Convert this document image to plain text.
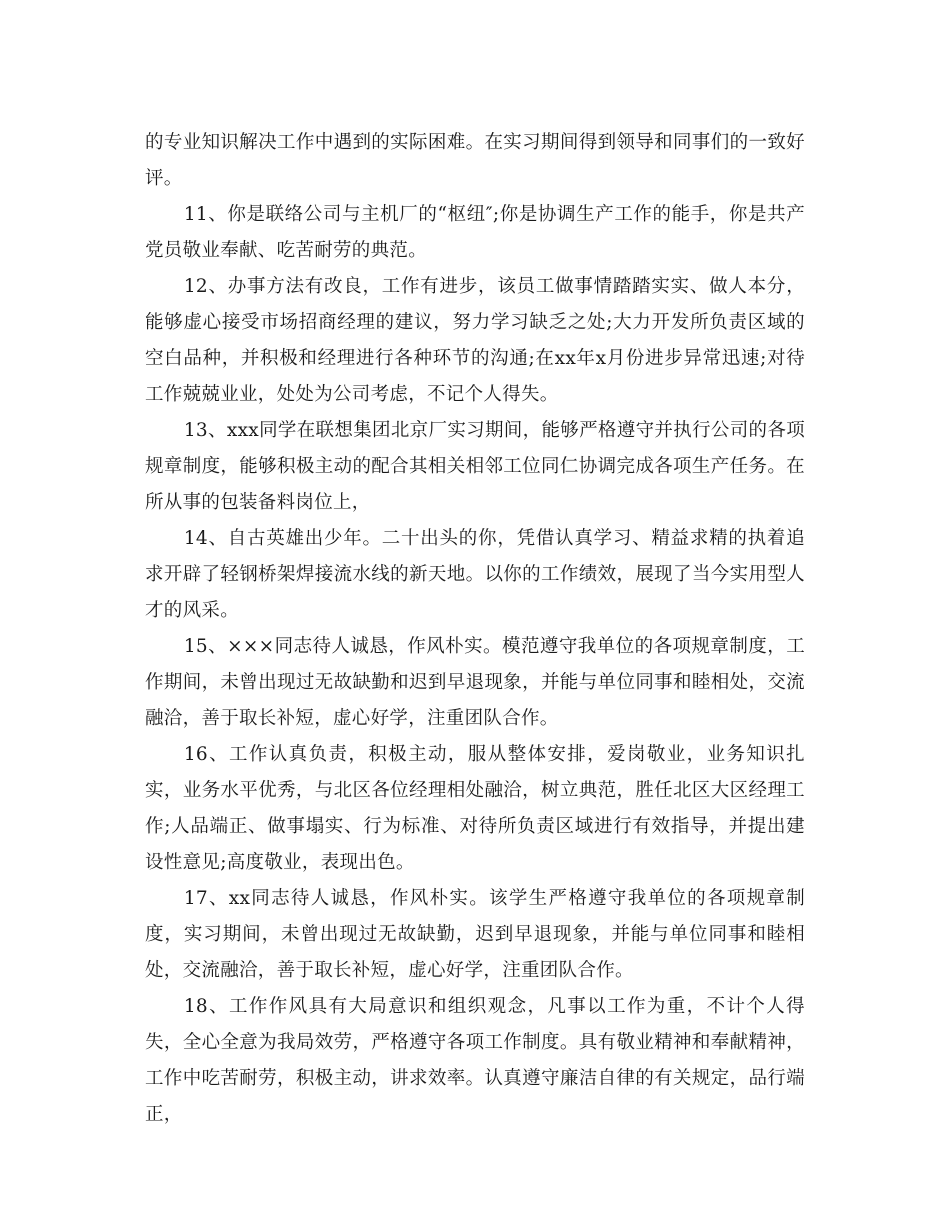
的专业知识解决工作中遇到的实际困难。在实习期间得到领导和同事们的一致好评。

11、你是联络公司与主机厂的“枢纽″;你是协调生产工作的能手，你是共产党员敬业奉献、吃苦耐劳的典范。

12、办事方法有改良，工作有进步，该员工做事情踏踏实实、做人本分，能够虚心接受市场招商经理的建议，努力学习缺乏之处;大力开发所负责区域的空白品种，并积极和经理进行各种环节的沟通;在xx年x月份进步异常迅速;对待工作兢兢业业，处处为公司考虑，不记个人得失。

13、xxx同学在联想集团北京厂实习期间，能够严格遵守并执行公司的各项规章制度，能够积极主动的配合其相关相邻工位同仁协调完成各项生产任务。在所从事的包装备料岗位上，

14、自古英雄出少年。二十出头的你，凭借认真学习、精益求精的执着追求开辟了轻钢桥架焊接流水线的新天地。以你的工作绩效，展现了当今实用型人才的风采。

15、×××同志待人诚恳，作风朴实。模范遵守我单位的各项规章制度，工作期间，未曾出现过无故缺勤和迟到早退现象，并能与单位同事和睦相处，交流融洽，善于取长补短，虚心好学，注重团队合作。

16、工作认真负责，积极主动，服从整体安排，爱岗敬业，业务知识扎实，业务水平优秀，与北区各位经理相处融洽，树立典范，胜任北区大区经理工作;人品端正、做事塌实、行为标准、对待所负责区域进行有效指导，并提出建设性意见;高度敬业，表现出色。

17、xx同志待人诚恳，作风朴实。该学生严格遵守我单位的各项规章制度，实习期间，未曾出现过无故缺勤，迟到早退现象，并能与单位同事和睦相处，交流融洽，善于取长补短，虚心好学，注重团队合作。

18、工作作风具有大局意识和组织观念，凡事以工作为重，不计个人得失，全心全意为我局效劳，严格遵守各项工作制度。具有敬业精神和奉献精神，工作中吃苦耐劳，积极主动，讲求效率。认真遵守廉洁自律的有关规定，品行端正，
